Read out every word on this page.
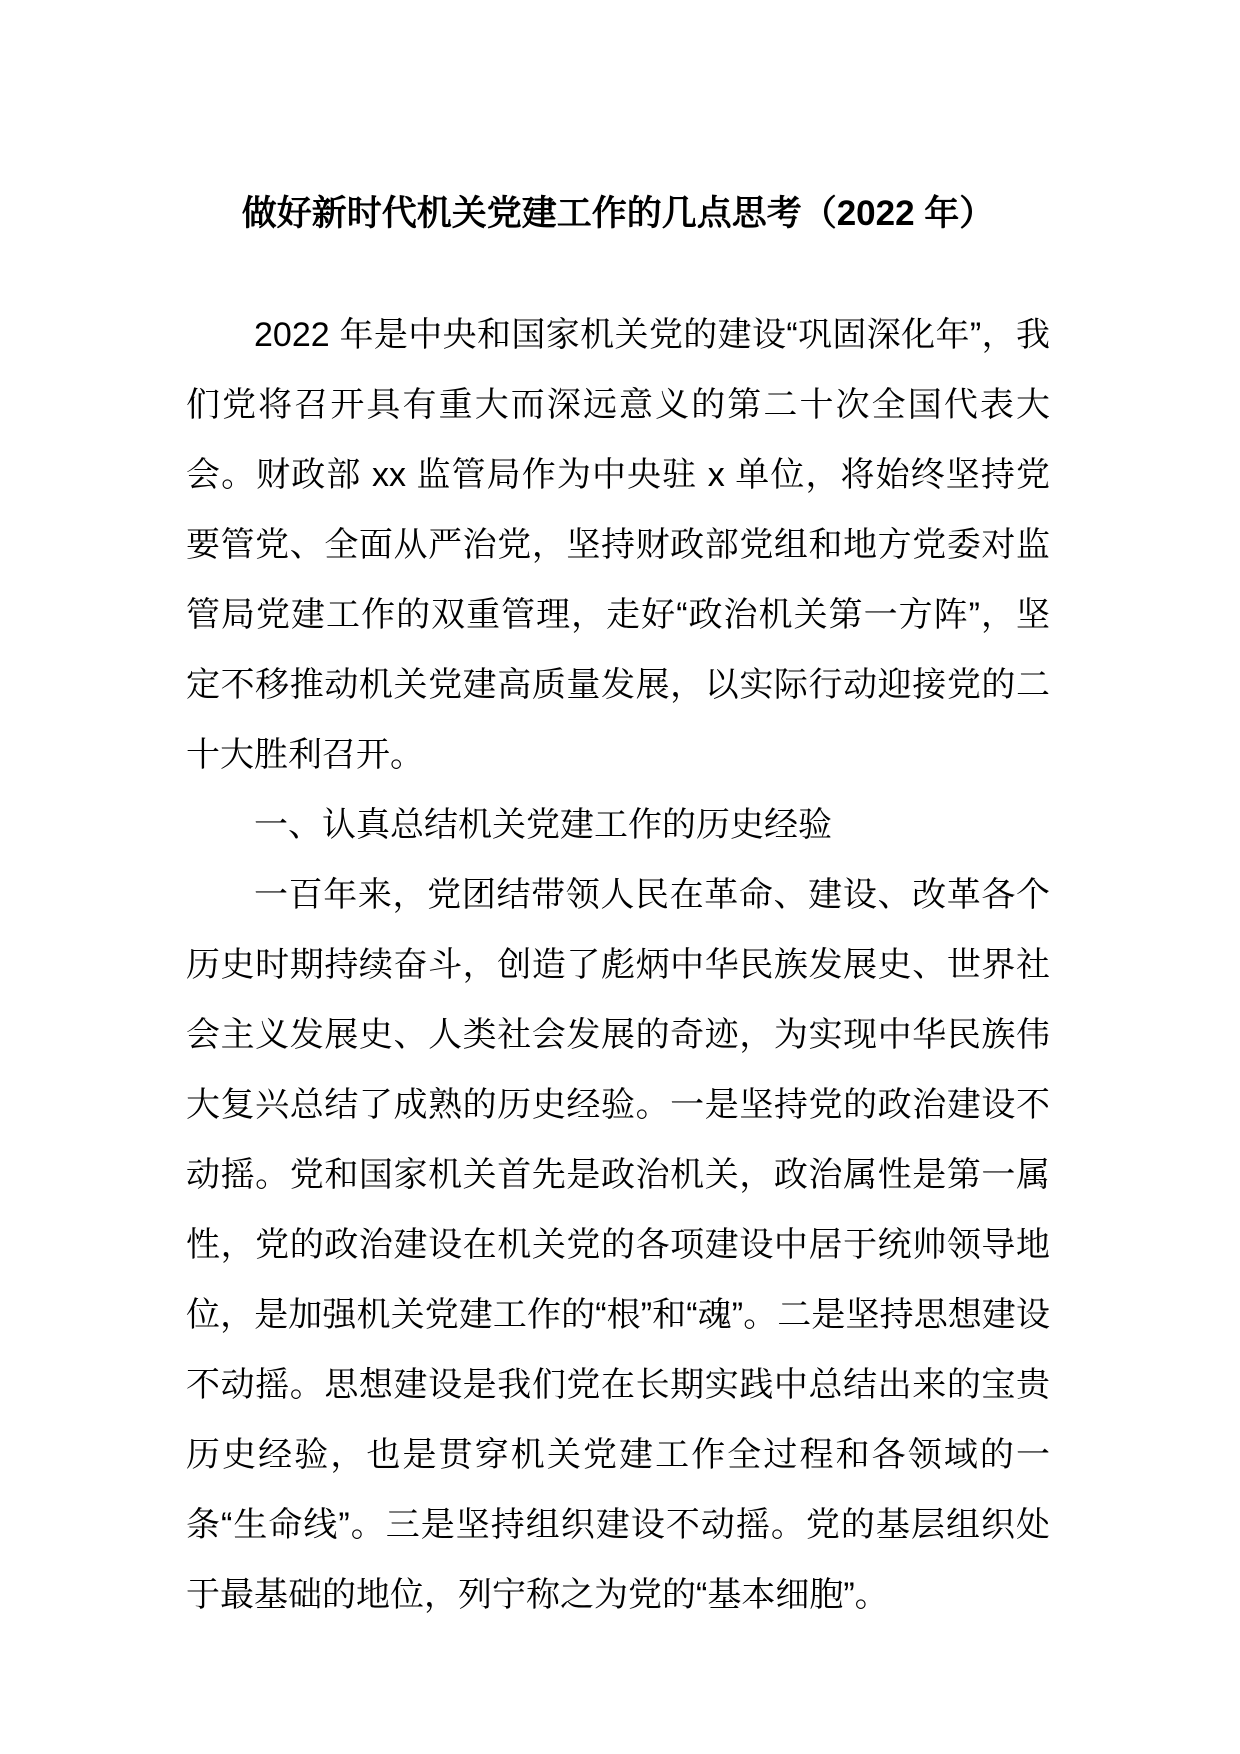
做好新时代机关党建工作的几点思考（2022 年）

2022 年是中央和国家机关党的建设“巩固深化年”，我们党将召开具有重大而深远意义的第二十次全国代表大会。财政部 xx 监管局作为中央驻 x 单位，将始终坚持党要管党、全面从严治党，坚持财政部党组和地方党委对监管局党建工作的双重管理，走好“政治机关第一方阵”，坚定不移推动机关党建高质量发展，以实际行动迎接党的二十大胜利召开。

一、认真总结机关党建工作的历史经验

一百年来，党团结带领人民在革命、建设、改革各个历史时期持续奋斗，创造了彪炳中华民族发展史、世界社会主义发展史、人类社会发展的奇迹，为实现中华民族伟大复兴总结了成熟的历史经验。一是坚持党的政治建设不动摇。党和国家机关首先是政治机关，政治属性是第一属性，党的政治建设在机关党的各项建设中居于统帅领导地位，是加强机关党建工作的“根”和“魂”。二是坚持思想建设不动摇。思想建设是我们党在长期实践中总结出来的宝贵历史经验，也是贯穿机关党建工作全过程和各领域的一条“生命线”。三是坚持组织建设不动摇。党的基层组织处于最基础的地位，列宁称之为党的“基本细胞”。
